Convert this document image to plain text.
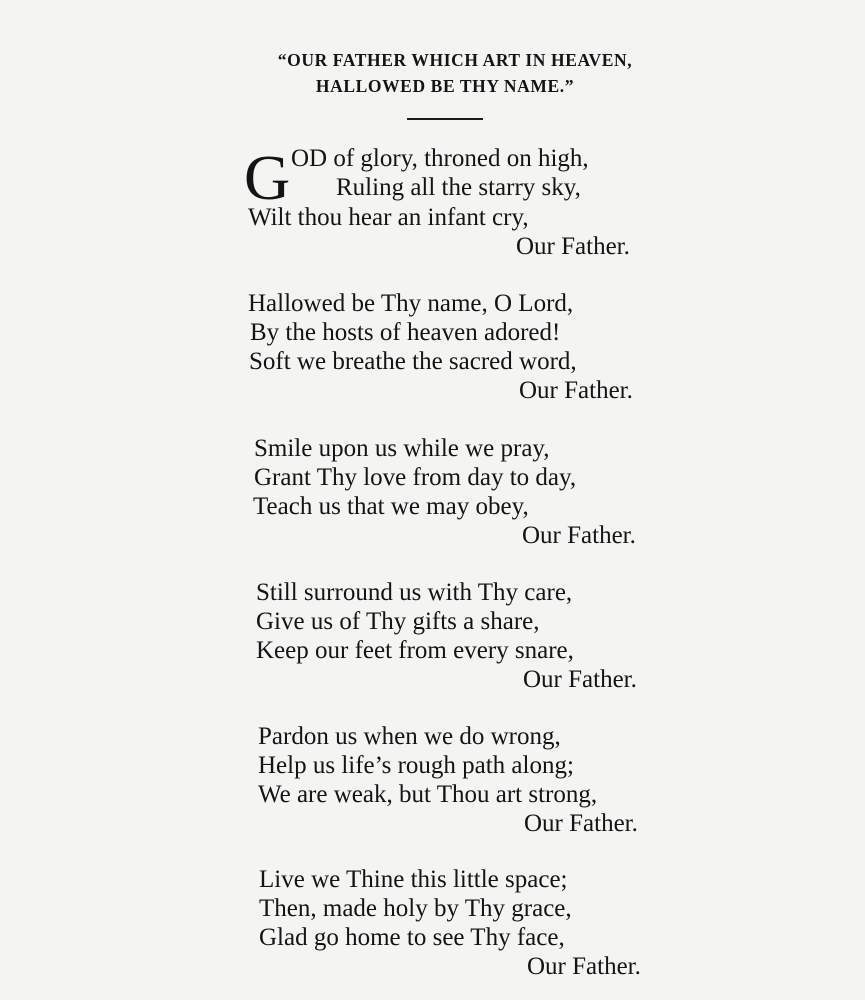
“OUR FATHER WHICH ART IN HEAVEN,
HALLOWED BE THY NAME.”
G OD of glory, throned on high,
Ruling all the starry sky,
Wilt thou hear an infant cry,
Our Father.
Hallowed be Thy name, O Lord,
By the hosts of heaven adored!
Soft we breathe the sacred word,
Our Father.
Smile upon us while we pray,
Grant Thy love from day to day,
Teach us that we may obey,
Our Father.
Still surround us with Thy care,
Give us of Thy gifts a share,
Keep our feet from every snare,
Our Father.
Pardon us when we do wrong,
Help us life’s rough path along;
We are weak, but Thou art strong,
Our Father.
Live we Thine this little space;
Then, made holy by Thy grace,
Glad go home to see Thy face,
Our Father.
